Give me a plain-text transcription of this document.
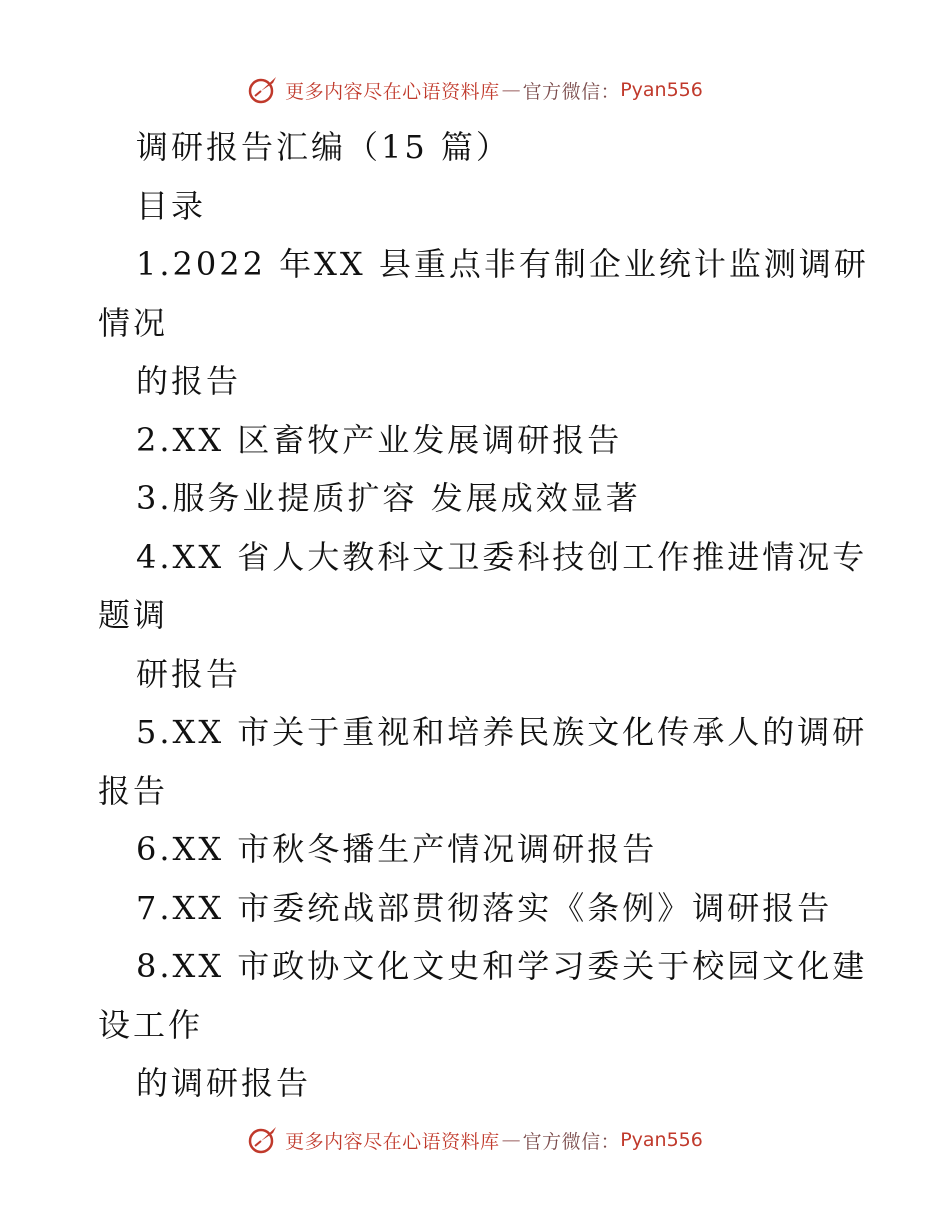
更多内容尽在心语资料库 — 官方微信： Pyan556
调研报告汇编（15 篇）
目录
1.2022 年XX 县重点非有制企业统计监测调研
情况
的报告
2.XX 区畜牧产业发展调研报告
3.服务业提质扩容 发展成效显著
4.XX 省人大教科文卫委科技创工作推进情况专
题调
研报告
5.XX 市关于重视和培养民族文化传承人的调研
报告
6.XX 市秋冬播生产情况调研报告
7.XX 市委统战部贯彻落实《条例》调研报告
8.XX 市政协文化文史和学习委关于校园文化建
设工作
的调研报告
更多内容尽在心语资料库 — 官方微信： Pyan556
